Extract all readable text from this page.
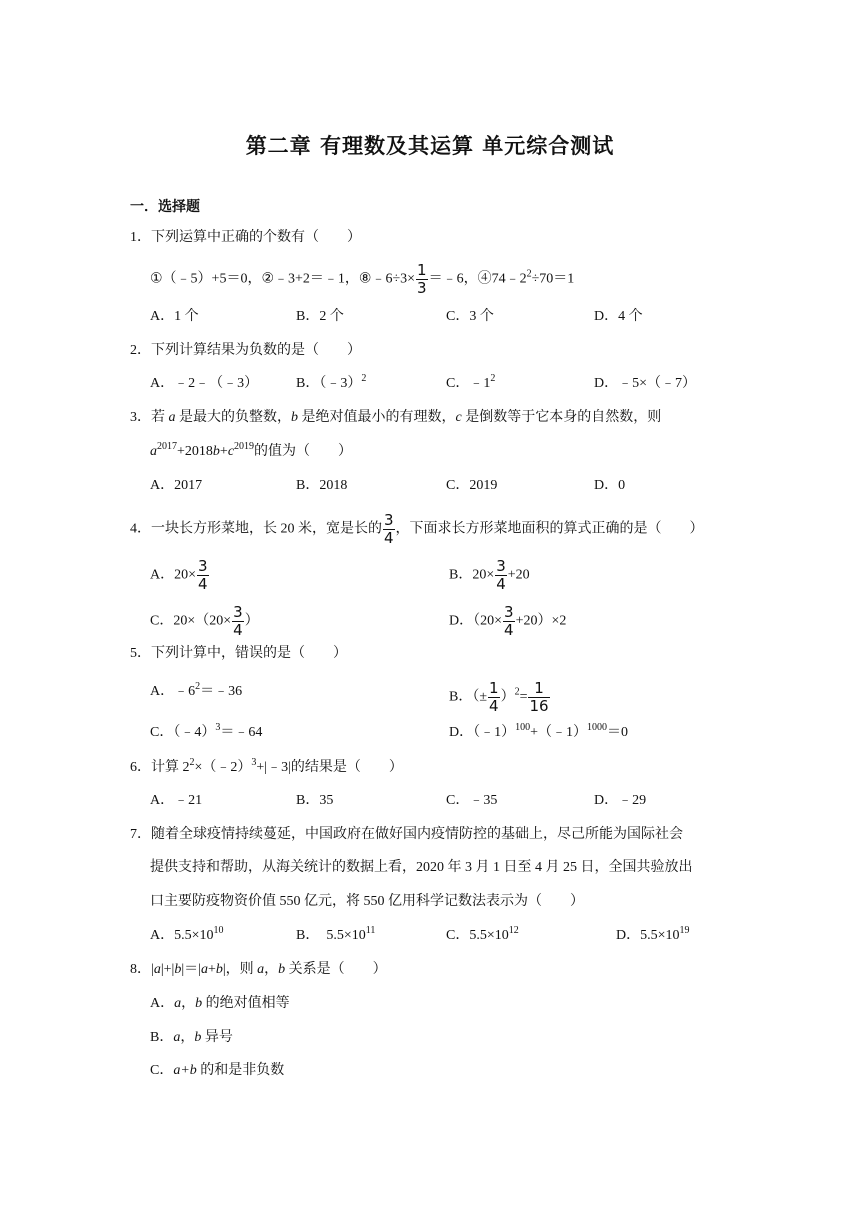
第二章 有理数及其运算 单元综合测试
一．选择题
1．下列运算中正确的个数有（　　）
①（﹣5）+5＝0，②﹣3+2＝﹣1，⑧﹣6÷3× $\frac{1}{3}$ ＝﹣6，$④74﹣2^2\div 70=1$
A．1 个	B．2 个	C．3 个	D．4 个
2．下列计算结果为负数的是（　　）
A．﹣2﹣（﹣3）	B．（﹣3）$^2$	C．$﹣1^2$	D．﹣5×（﹣7）
3．若 a 是最大的负整数，b 是绝对值最小的有理数，c 是倒数等于它本身的自然数，则
$a^{2017}+2018b+c^{2019}$的值为（　　）
A．2017	B．2018	C．2019	D．0
4．一块长方形菜地，长 20 米，宽是长的 $\frac{3}{4}$ ，下面求长方形菜地面积的算式正确的是（　　）
A．$20\times \frac{3}{4}$	B．$20\times \frac{3}{4} +20$
C．$20\times(20\times \frac{3}{4}$ ）	D．$(20\times \frac{3}{4} +20)\times 2$
5．下列计算中，错误的是（　　）
A．$﹣6^2=﹣36$	B．（± $\frac{1}{4} )^2= \frac{1}{16}$
C．（﹣4）$^3$＝﹣64	D．（﹣1）$^{100}$+（﹣1）$^{1000}$＝0
6．计算 $2^2\times(﹣2)^3+|﹣3|$的结果是（　　）
A．﹣21	B．35	C．﹣35	D．﹣29
7．随着全球疫情持续蔓延，中国政府在做好国内疫情防控的基础上，尽己所能为国际社会
提供支持和帮助，从海关统计的数据上看，2020 年 3 月 1 日至 4 月 25 日，全国共验放出
口主要防疫物资价值 550 亿元，将 550 亿用科学记数法表示为（　　）
A．$5.5\times 10^{10}$	B．　$5.5\times 10^{11}$	C．$5.5\times 10^{12}$	D．$5.5\times 10^{19}$
8．|a|+|b|＝|a+b|，则 a，b 关系是（　　）
A．a，b 的绝对值相等
B．a，b 异号
C．a+b 的和是非负数
